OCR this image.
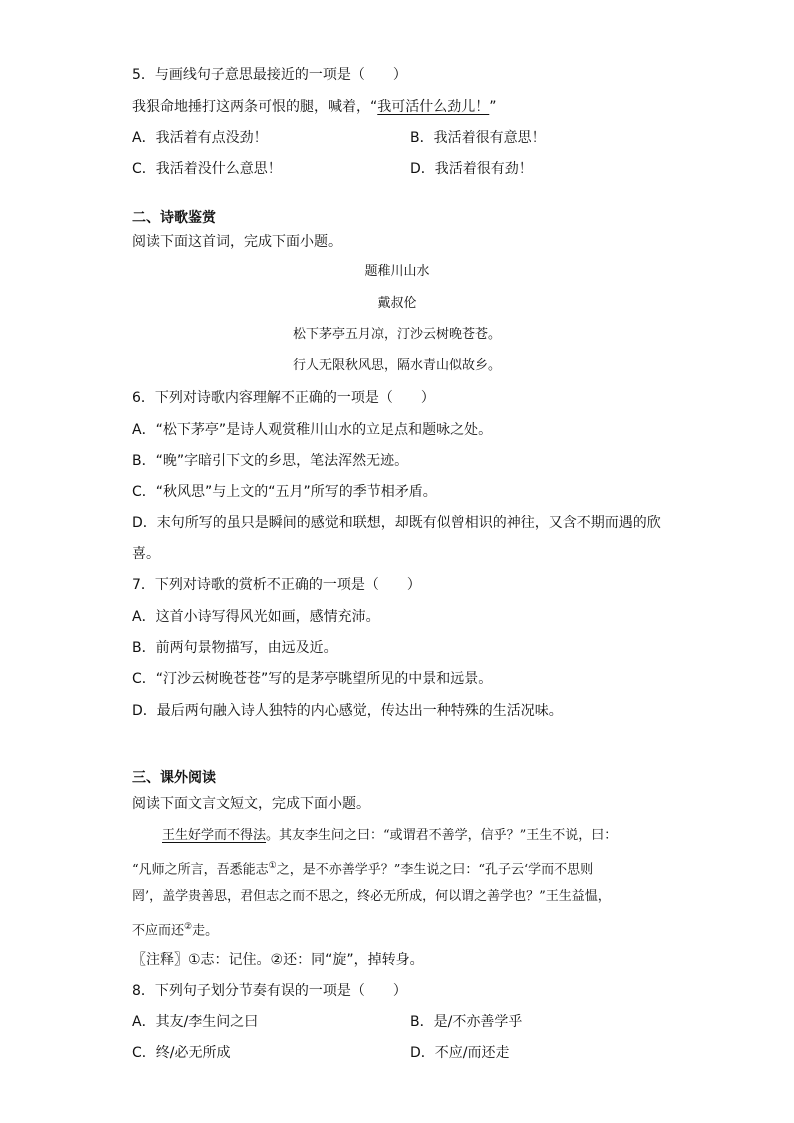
5．与画线句子意思最接近的一项是（　　）
我狠命地捶打这两条可恨的腿，喊着，“我可活什么劲儿！”
A．我活着有点没劲！	B．我活着很有意思！
C．我活着没什么意思！	D．我活着很有劲！
二、诗歌鉴赏
阅读下面这首词，完成下面小题。
题稚川山水
戴叔伦
松下茅亭五月凉，汀沙云树晚苍苍。
行人无限秋风思，隔水青山似故乡。
6．下列对诗歌内容理解不正确的一项是（　　）
A．“松下茅亭”是诗人观赏稚川山水的立足点和题咏之处。
B．“晚”字暗引下文的乡思，笔法浑然无迹。
C．“秋风思”与上文的“五月”所写的季节相矛盾。
D．末句所写的虽只是瞬间的感觉和联想，却既有似曾相识的神往，又含不期而遇的欣
喜。
7．下列对诗歌的赏析不正确的一项是（　　）
A．这首小诗写得风光如画，感情充沛。
B．前两句景物描写，由远及近。
C．“汀沙云树晚苍苍”写的是茅亭眺望所见的中景和远景。
D．最后两句融入诗人独特的内心感觉，传达出一种特殊的生活况味。
三、课外阅读
阅读下面文言文短文，完成下面小题。
王生好学而不得法。其友李生问之曰：“或谓君不善学，信乎？”王生不说，曰：
“凡师之所言，吾悉能志①之，是不亦善学乎？”李生说之曰：“孔子云‘学而不思则
罔’，盖学贵善思，君但志之而不思之，终必无所成，何以谓之善学也？”王生益愠，
不应而还②走。
〖注释〗①志：记住。②还：同“旋”，掉转身。
8．下列句子划分节奏有误的一项是（　　）
A．其友/李生问之曰	B．是/不亦善学乎
C．终/必无所成	D．不应/而还走
